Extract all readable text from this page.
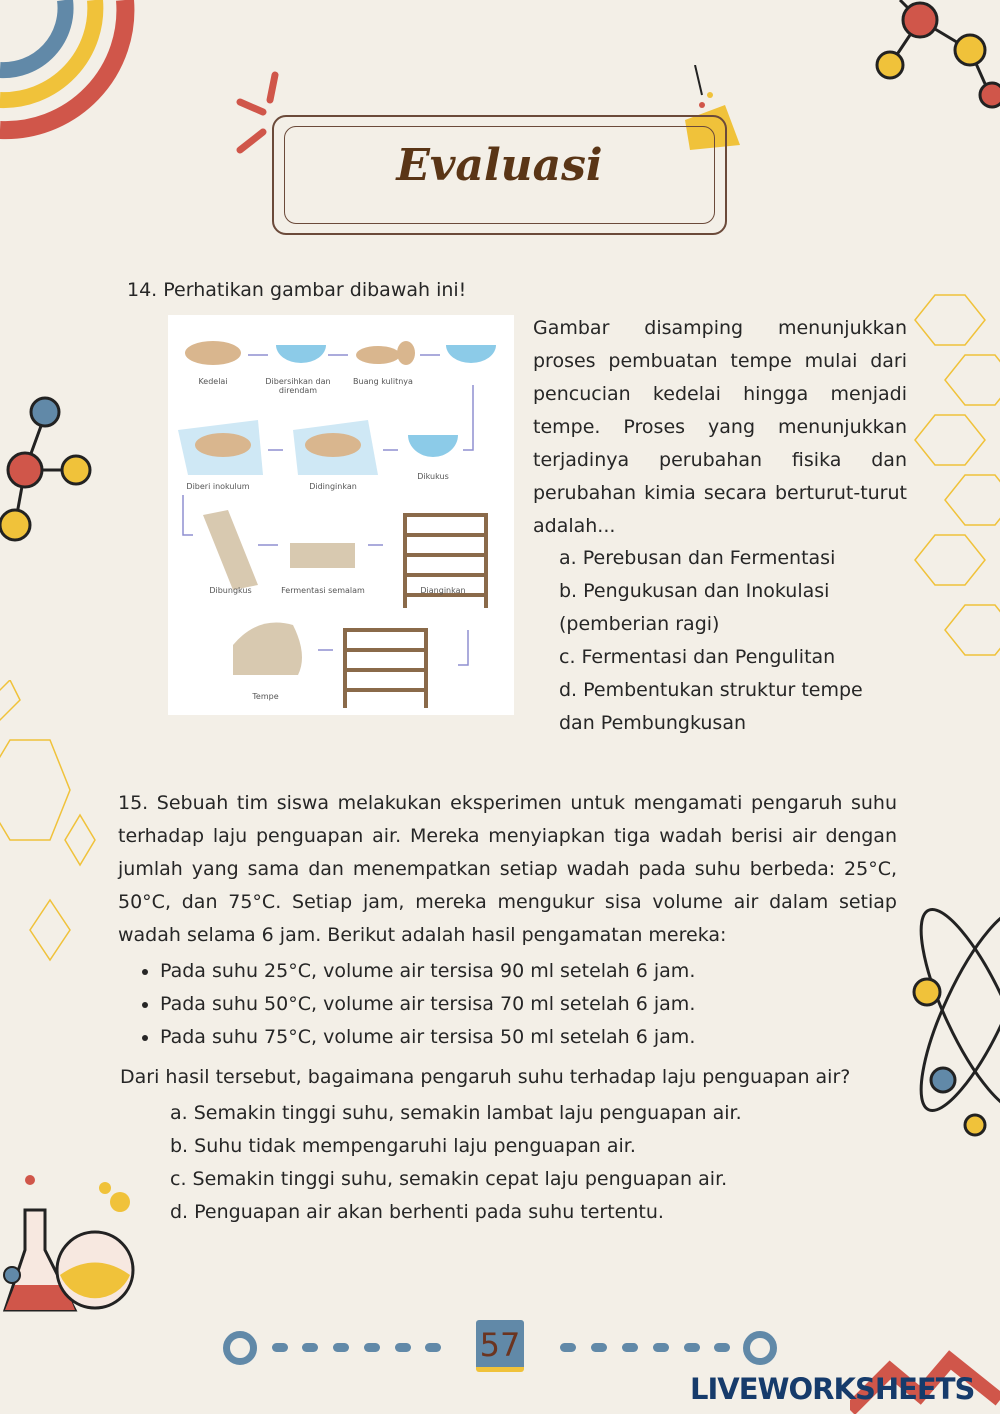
Evaluasi
14. Perhatikan gambar dibawah ini!
Kedelai	Dibersihkan dan direndam
Buang kulitnya
Dikukus
Didinginkan
Diberi inokulum
Dibungkus	Fermentasi semalam	Dianginkan
Tempe
Gambar disamping menunjukkan proses pembuatan tempe mulai dari pencucian kedelai hingga menjadi tempe. Proses yang menunjukkan terjadinya perubahan fisika dan perubahan kimia secara berturut-turut adalah...
a. Perebusan dan Fermentasi
b. Pengukusan dan Inokulasi (pemberian ragi)
c. Fermentasi dan Pengulitan
d. Pembentukan struktur tempe dan Pembungkusan
15. Sebuah tim siswa melakukan eksperimen untuk mengamati pengaruh suhu terhadap laju penguapan air. Mereka menyiapkan tiga wadah berisi air dengan jumlah yang sama dan menempatkan setiap wadah pada suhu berbeda: 25°C, 50°C, dan 75°C. Setiap jam, mereka mengukur sisa volume air dalam setiap wadah selama 6 jam. Berikut adalah hasil pengamatan mereka:
• Pada suhu 25°C, volume air tersisa 90 ml setelah 6 jam.
• Pada suhu 50°C, volume air tersisa 70 ml setelah 6 jam.
• Pada suhu 75°C, volume air tersisa 50 ml setelah 6 jam.
Dari hasil tersebut, bagaimana pengaruh suhu terhadap laju penguapan air?
a. Semakin tinggi suhu, semakin lambat laju penguapan air.
b. Suhu tidak mempengaruhi laju penguapan air.
c. Semakin tinggi suhu, semakin cepat laju penguapan air.
d. Penguapan air akan berhenti pada suhu tertentu.
57
LIVEWORKSHEETS
